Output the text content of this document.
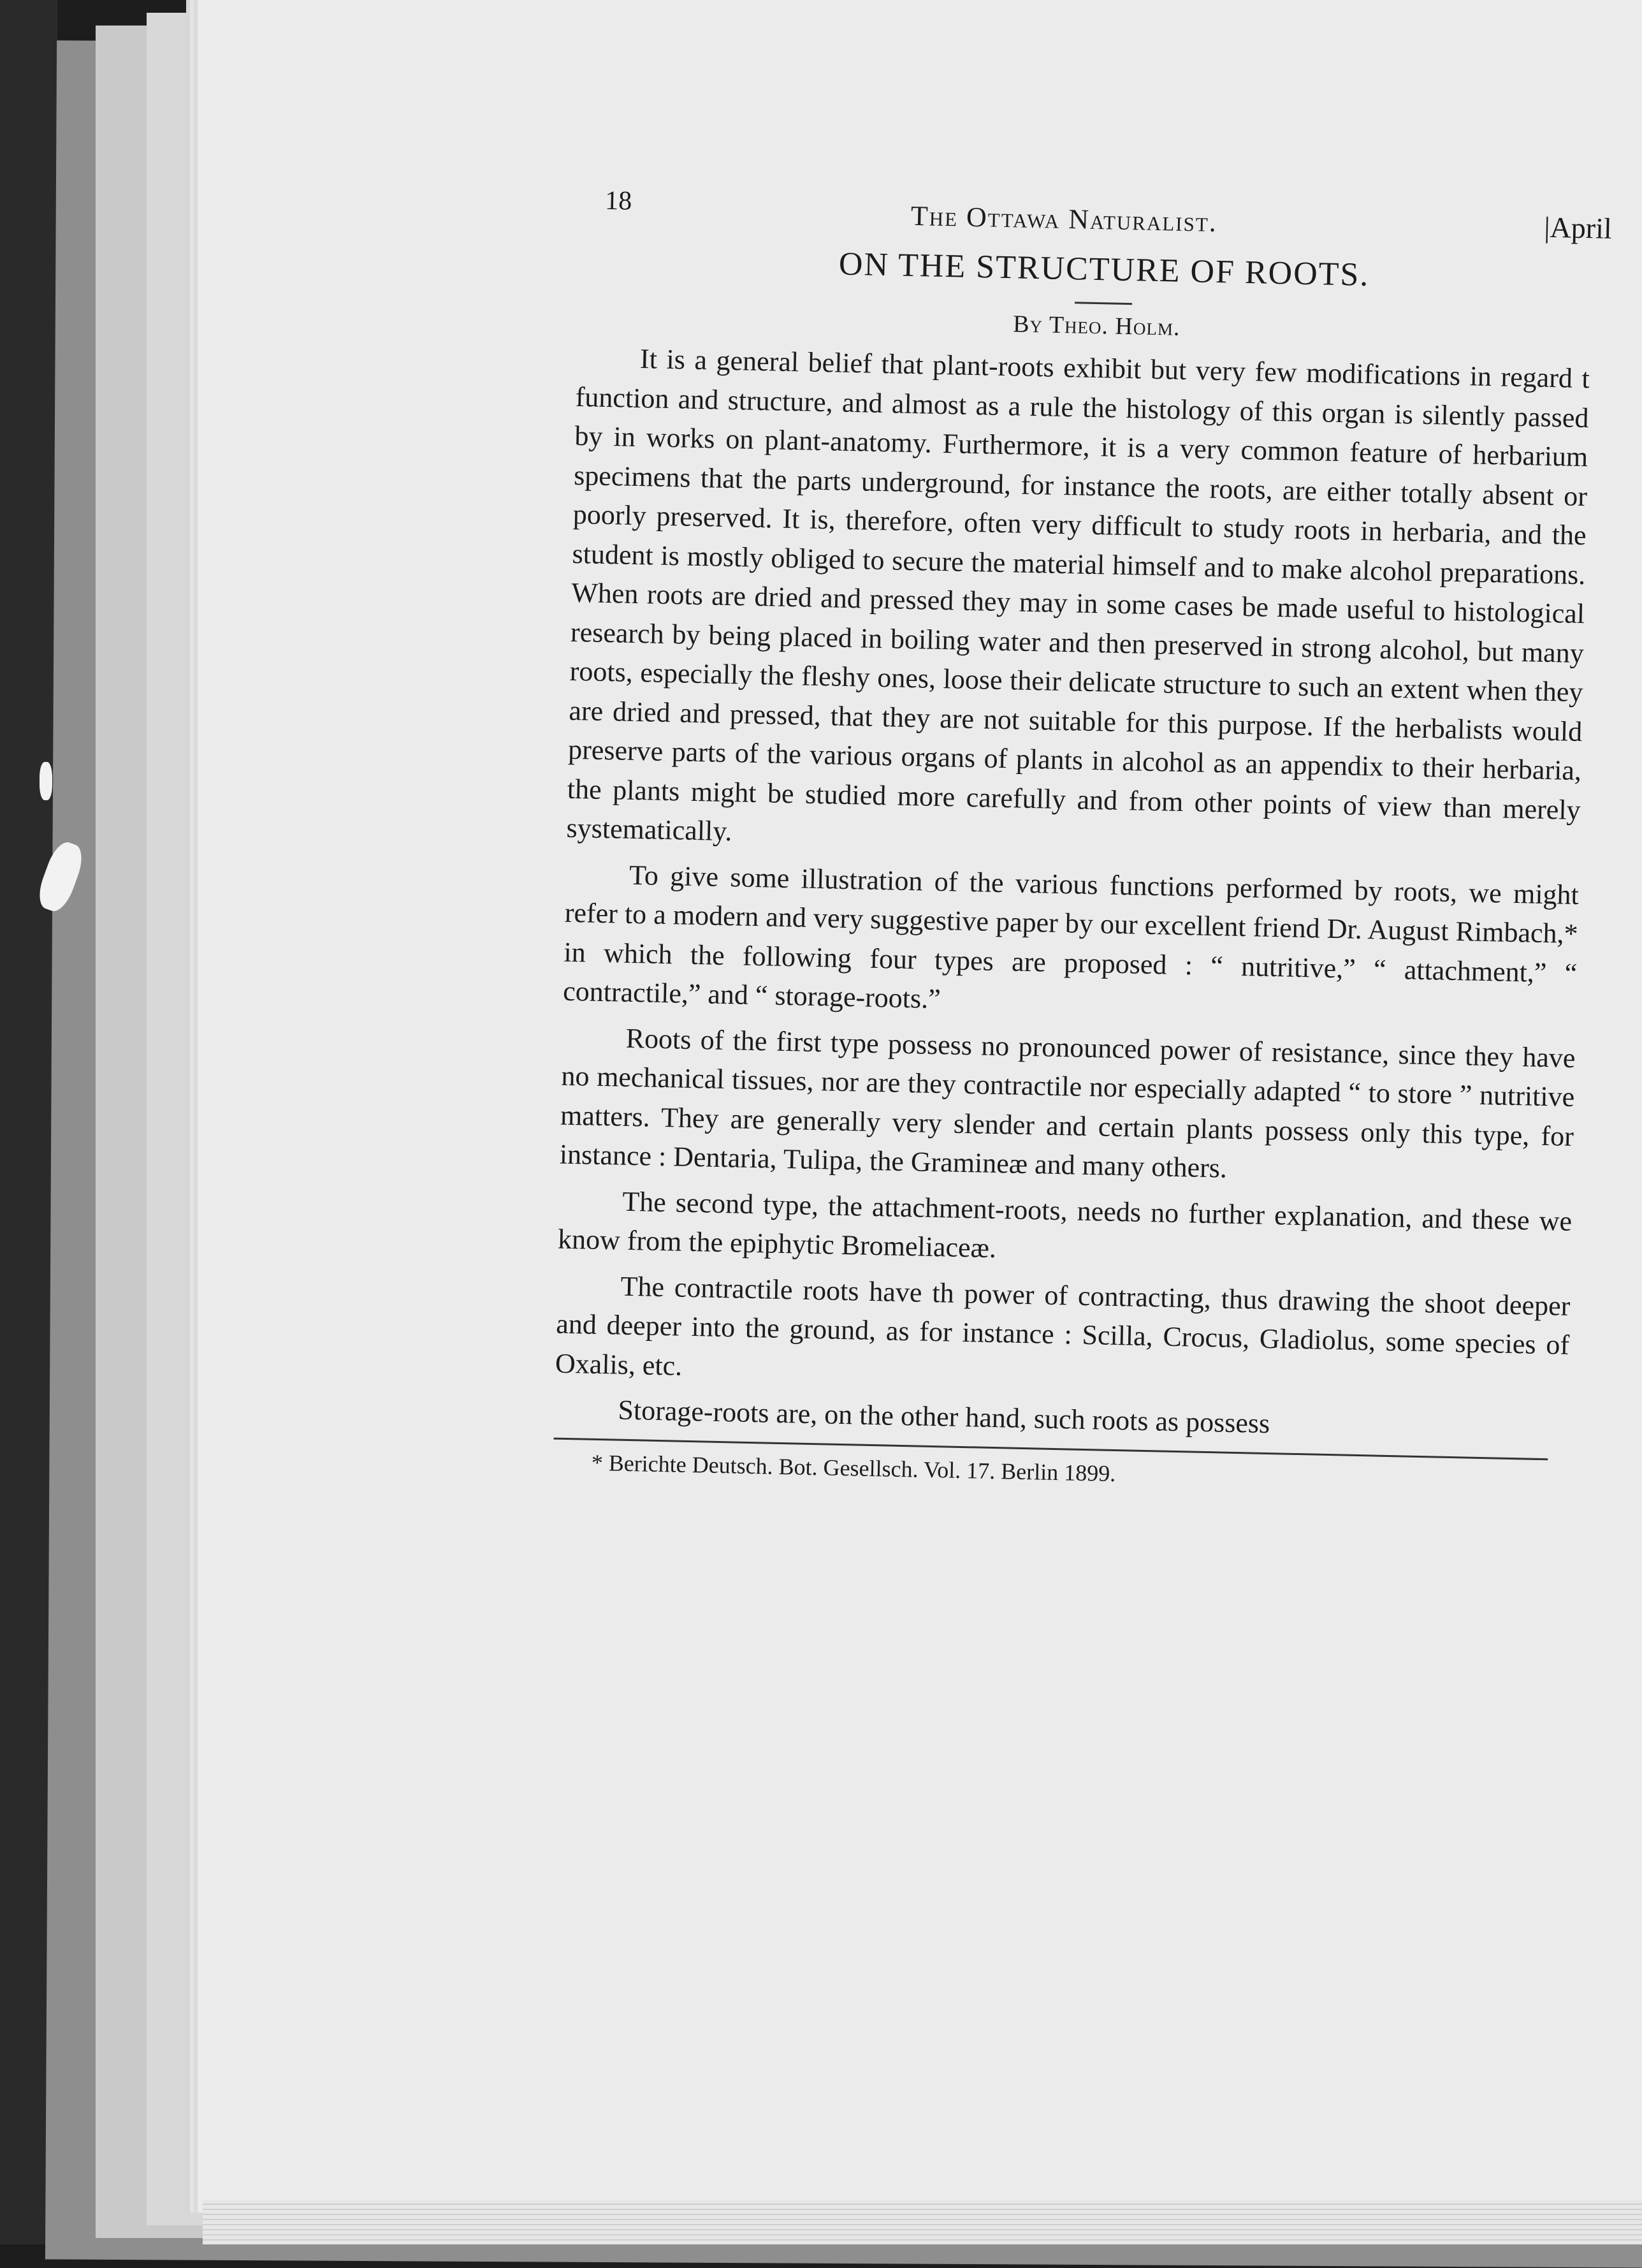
18	The Ottawa Naturalist.	|April
ON THE STRUCTURE OF ROOTS.
By Theo. Holm.

It is a general belief that plant-roots exhibit but very few modifications in regard t function and structure, and almost as a rule the histology of this organ is silently passed by in works on plant-anatomy. Furthermore, it is a very common feature of herbarium specimens that the parts underground, for instance the roots, are either totally absent or poorly preserved. It is, therefore, often very difficult to study roots in herbaria, and the student is mostly obliged to secure the material himself and to make alcohol preparations. When roots are dried and pressed they may in some cases be made useful to histological research by being placed in boiling water and then preserved in strong alcohol, but many roots, especially the fleshy ones, loose their delicate structure to such an extent when they are dried and pressed, that they are not suitable for this purpose. If the herbalists would preserve parts of the various organs of plants in alcohol as an appendix to their herbaria, the plants might be studied more carefully and from other points of view than merely systematically.

To give some illustration of the various functions performed by roots, we might refer to a modern and very suggestive paper by our excellent friend Dr. August Rimbach,* in which the following four types are proposed : “ nutritive,” “ attachment,” “ contractile,” and “ storage-roots.”

Roots of the first type possess no pronounced power of resistance, since they have no mechanical tissues, nor are they contractile nor especially adapted “ to store ” nutritive matters. They are generally very slender and certain plants possess only this type, for instance : Dentaria, Tulipa, the Gramineæ and many others.

The second type, the attachment-roots, needs no further explanation, and these we know from the epiphytic Bromeliaceæ.

The contractile roots have th power of contracting, thus drawing the shoot deeper and deeper into the ground, as for instance : Scilla, Crocus, Gladiolus, some species of Oxalis, etc.

Storage-roots are, on the other hand, such roots as possess

* Berichte Deutsch. Bot. Gesellsch. Vol. 17. Berlin 1899.
